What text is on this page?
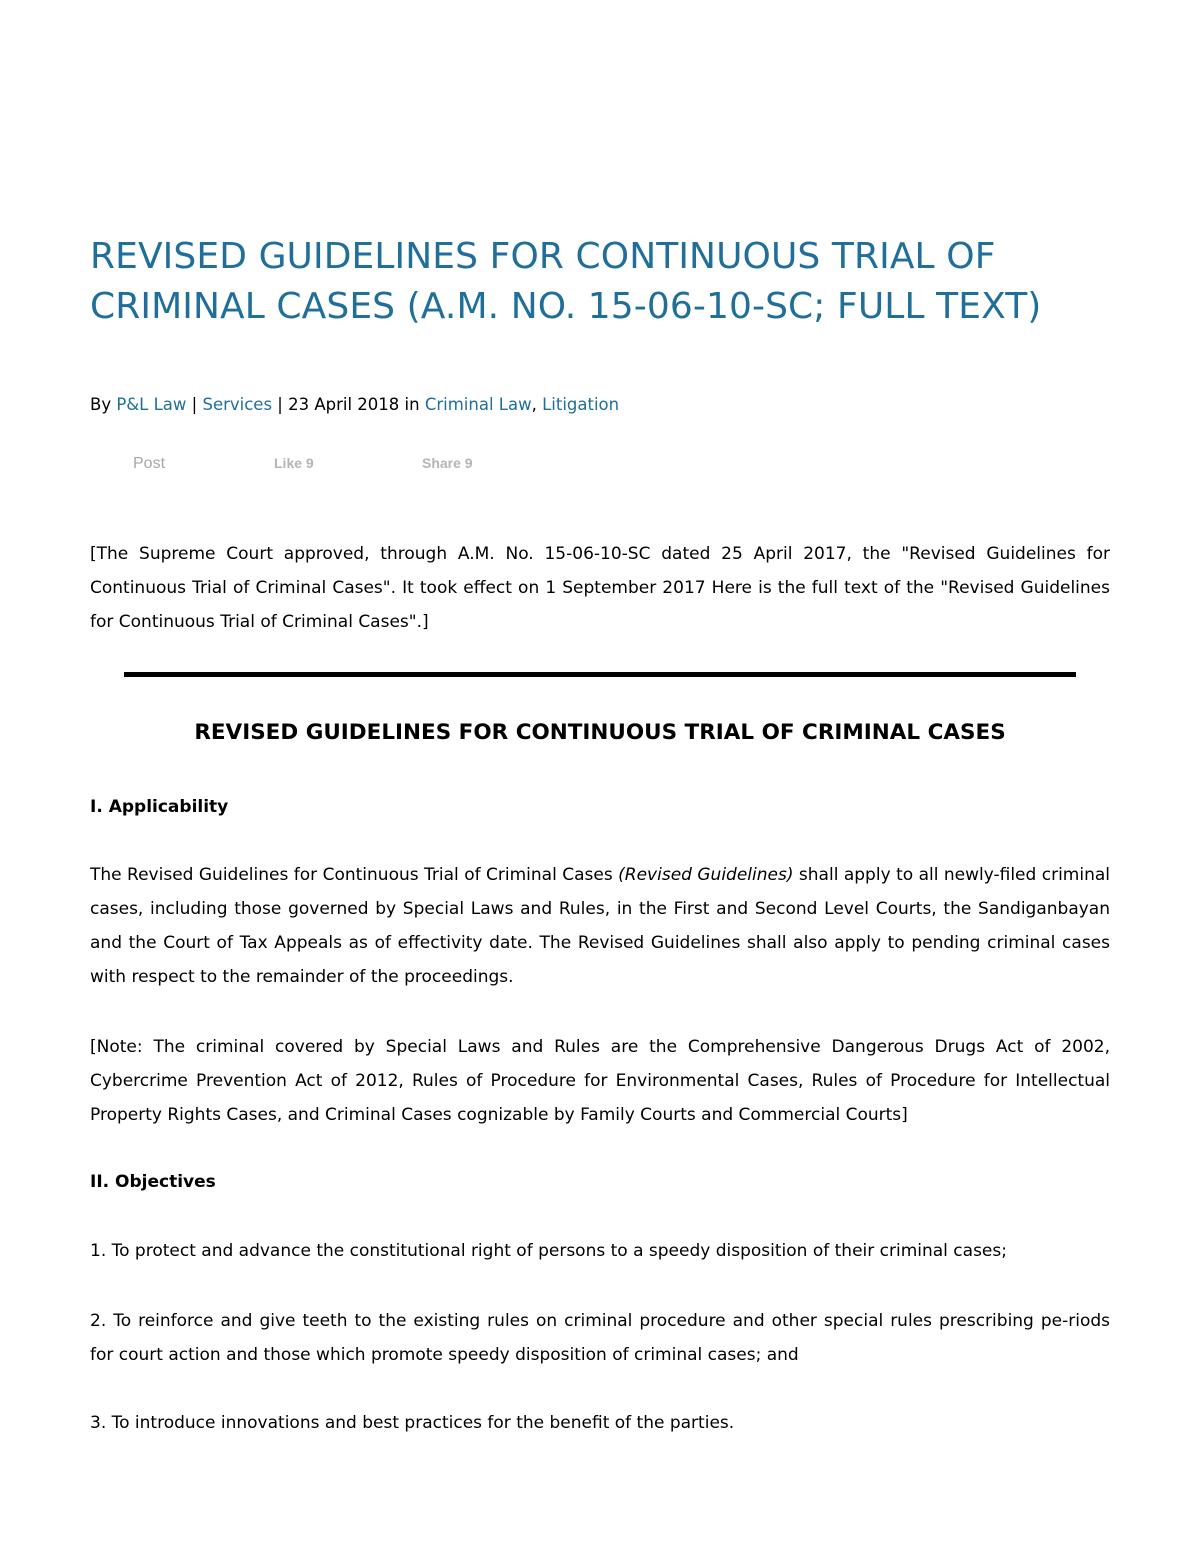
REVISED GUIDELINES FOR CONTINUOUS TRIAL OF CRIMINAL CASES (A.M. NO. 15-06-10-SC; FULL TEXT)
By P&L Law | Services | 23 April 2018 in Criminal Law, Litigation
Post	Like 9	Share 9

[The Supreme Court approved, through A.M. No. 15-06-10-SC dated 25 April 2017, the "Revised Guidelines for Continuous Trial of Criminal Cases". It took effect on 1 September 2017 Here is the full text of the "Revised Guidelines for Continuous Trial of Criminal Cases".]

REVISED GUIDELINES FOR CONTINUOUS TRIAL OF CRIMINAL CASES
I. Applicability

The Revised Guidelines for Continuous Trial of Criminal Cases (Revised Guidelines) shall apply to all newly-filed criminal cases, including those governed by Special Laws and Rules, in the First and Second Level Courts, the Sandiganbayan and the Court of Tax Appeals as of effectivity date. The Revised Guidelines shall also apply to pending criminal cases with respect to the remainder of the proceedings.

[Note: The criminal covered by Special Laws and Rules are the Comprehensive Dangerous Drugs Act of 2002, Cybercrime Prevention Act of 2012, Rules of Procedure for Environmental Cases, Rules of Procedure for Intellectual Property Rights Cases, and Criminal Cases cognizable by Family Courts and Commercial Courts]

II. Objectives

1. To protect and advance the constitutional right of persons to a speedy disposition of their criminal cases;

2. To reinforce and give teeth to the existing rules on criminal procedure and other special rules prescribing pe-riods for court action and those which promote speedy disposition of criminal cases; and

3. To introduce innovations and best practices for the benefit of the parties.
